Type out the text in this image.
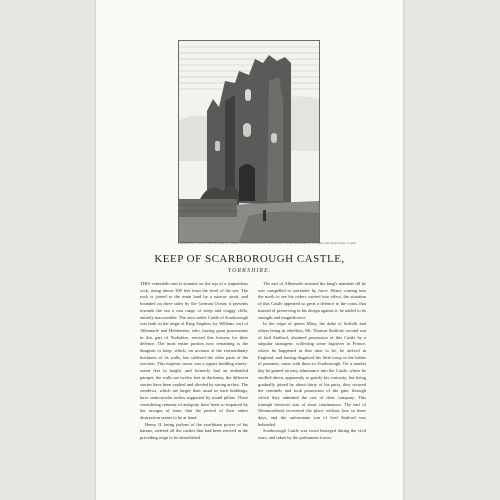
Engraved by J. Storer, from a drawing by J. Greig, for the Antiquarian & Topographical Cabinet. Published by W. Clarke, New Bond Street, London
KEEP OF SCARBOROUGH CASTLE,
YORKSHIRE.

THIS venerable ruin is situated on the top of a stupendous rock, rising above 300 feet from the level of the sea. The rock is joined to the main land by a narrow strait, and bounded on three sides by the German Ocean; it presents towards the sea a vast range of steep and craggy cliffs, entirely inaccessible. The once noble Castle of Scarborough was built in the reign of King Stephen, by William, earl of Albemarle and Holderness, who, having great possessions in this part of Yorkshire, erected this fortress for their defence. The most entire portion now remaining is the dungeon or keep, which, on account of the extraordinary thickness of its walls, has suffered the other parts of the erection. This majestic tower was a square building ninety-seven feet in height, and formerly had an embattled parapet; the walls are twelve feet in thickness; the different stories have been vaulted and divided by strong arches. The windows, which are larger than usual in such buildings, have semicircular arches supported by round pillars. There considering remains of antiquity have been so impaired by the ravages of time, that the period of their entire destruction seems to be at hand.

Henry II. being jealous of the exorbitant power of his barons, ordered all the castles that had been erected in the preceding reign to be demolished.

The earl of Albemarle resisted the king's mandate till he was compelled to surrender by force. Henry coming into the north to see his orders carried into effect, the situation of this Castle appeared so great a defence to the coast, that instead of preserving in his design against it, he added to its strength and magnificence.

In the reign of queen Mary, the duke of Suffolk and others being in rebellion, Mr. Thomas Stafford, second son of lord Stafford, obtained possession of this Castle by a singular stratagem: collecting some fugitives in France, where he happened at that time to be, he arrived in England, and having disguised his little troop in the habits of peasants, came with them to Scarborough. On a market day he gained an easy admittance into the Castle, where he strolled about, apparently to gratify his curiosity; but being gradually joined by about thirty of his party, they secured the centinels and took possession of the gate, through which they admitted the rest of their company. This triumph however was of short continuance. The earl of Westmoreland recovered the place without loss in three days, and the unfortunate son of lord Stafford was beheaded.

Scarborough Castle was twice besieged during the civil wars, and taken by the parliament forces.
